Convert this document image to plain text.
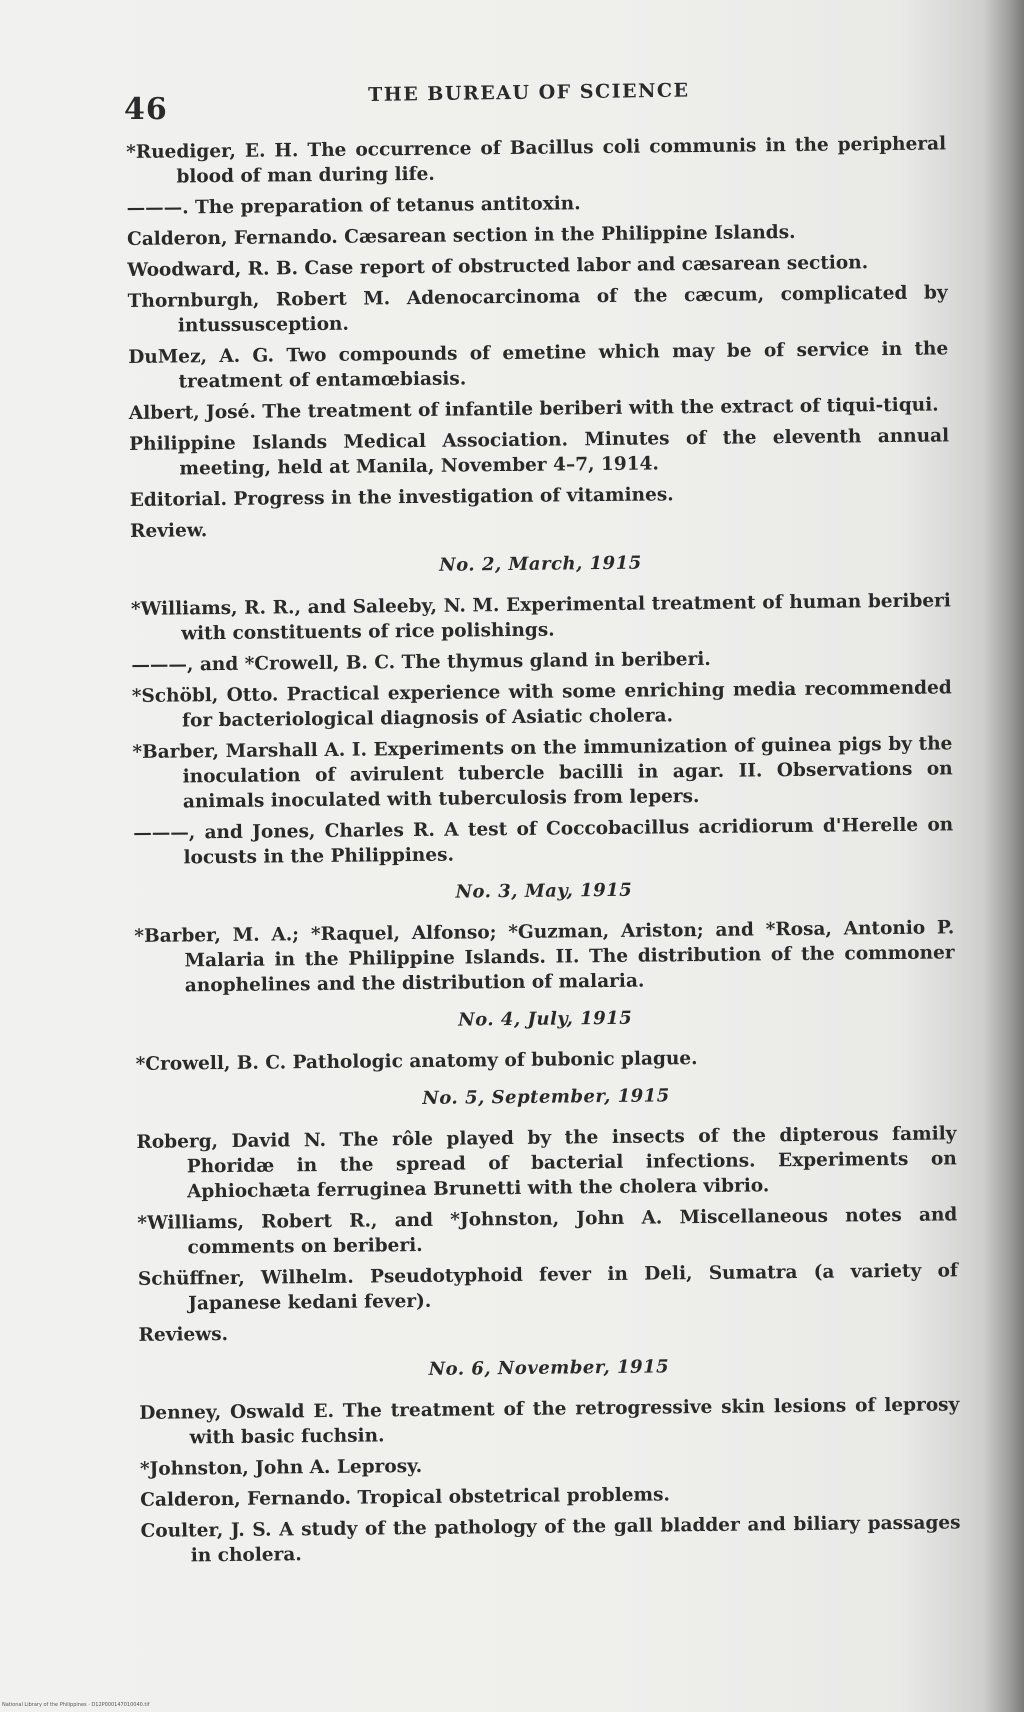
46	THE BUREAU OF SCIENCE

*Ruediger, E. H. The occurrence of Bacillus coli communis in the peripheral blood of man during life.

———. The preparation of tetanus antitoxin.

Calderon, Fernando. Cæsarean section in the Philippine Islands.

Woodward, R. B. Case report of obstructed labor and cæsarean section.

Thornburgh, Robert M. Adenocarcinoma of the cæcum, complicated by intussusception.

DuMez, A. G. Two compounds of emetine which may be of service in the treatment of entamœbiasis.

Albert, José. The treatment of infantile beriberi with the extract of tiqui-tiqui.

Philippine Islands Medical Association. Minutes of the eleventh annual meeting, held at Manila, November 4–7, 1914.

Editorial. Progress in the investigation of vitamines.

Review.

No. 2, March, 1915

*Williams, R. R., and Saleeby, N. M. Experimental treatment of human beriberi with constituents of rice polishings.

———, and *Crowell, B. C. The thymus gland in beriberi.

*Schöbl, Otto. Practical experience with some enriching media recommended for bacteriological diagnosis of Asiatic cholera.

*Barber, Marshall A. I. Experiments on the immunization of guinea pigs by the inoculation of avirulent tubercle bacilli in agar. II. Observations on animals inoculated with tuberculosis from lepers.

———, and Jones, Charles R. A test of Coccobacillus acridiorum d'Herelle on locusts in the Philippines.

No. 3, May, 1915

*Barber, M. A.; *Raquel, Alfonso; *Guzman, Ariston; and *Rosa, Antonio P. Malaria in the Philippine Islands. II. The distribution of the commoner anophelines and the distribution of malaria.

No. 4, July, 1915

*Crowell, B. C. Pathologic anatomy of bubonic plague.

No. 5, September, 1915

Roberg, David N. The rôle played by the insects of the dipterous family Phoridæ in the spread of bacterial infections. Experiments on Aphiochæta ferruginea Brunetti with the cholera vibrio.

*Williams, Robert R., and *Johnston, John A. Miscellaneous notes and comments on beriberi.

Schüffner, Wilhelm. Pseudotyphoid fever in Deli, Sumatra (a variety of Japanese kedani fever).

Reviews.

No. 6, November, 1915

Denney, Oswald E. The treatment of the retrogressive skin lesions of leprosy with basic fuchsin.

*Johnston, John A. Leprosy.

Calderon, Fernando. Tropical obstetrical problems.

Coulter, J. S. A study of the pathology of the gall bladder and biliary passages in cholera.

National Library of the Philippines · D12P000147010040.tif
